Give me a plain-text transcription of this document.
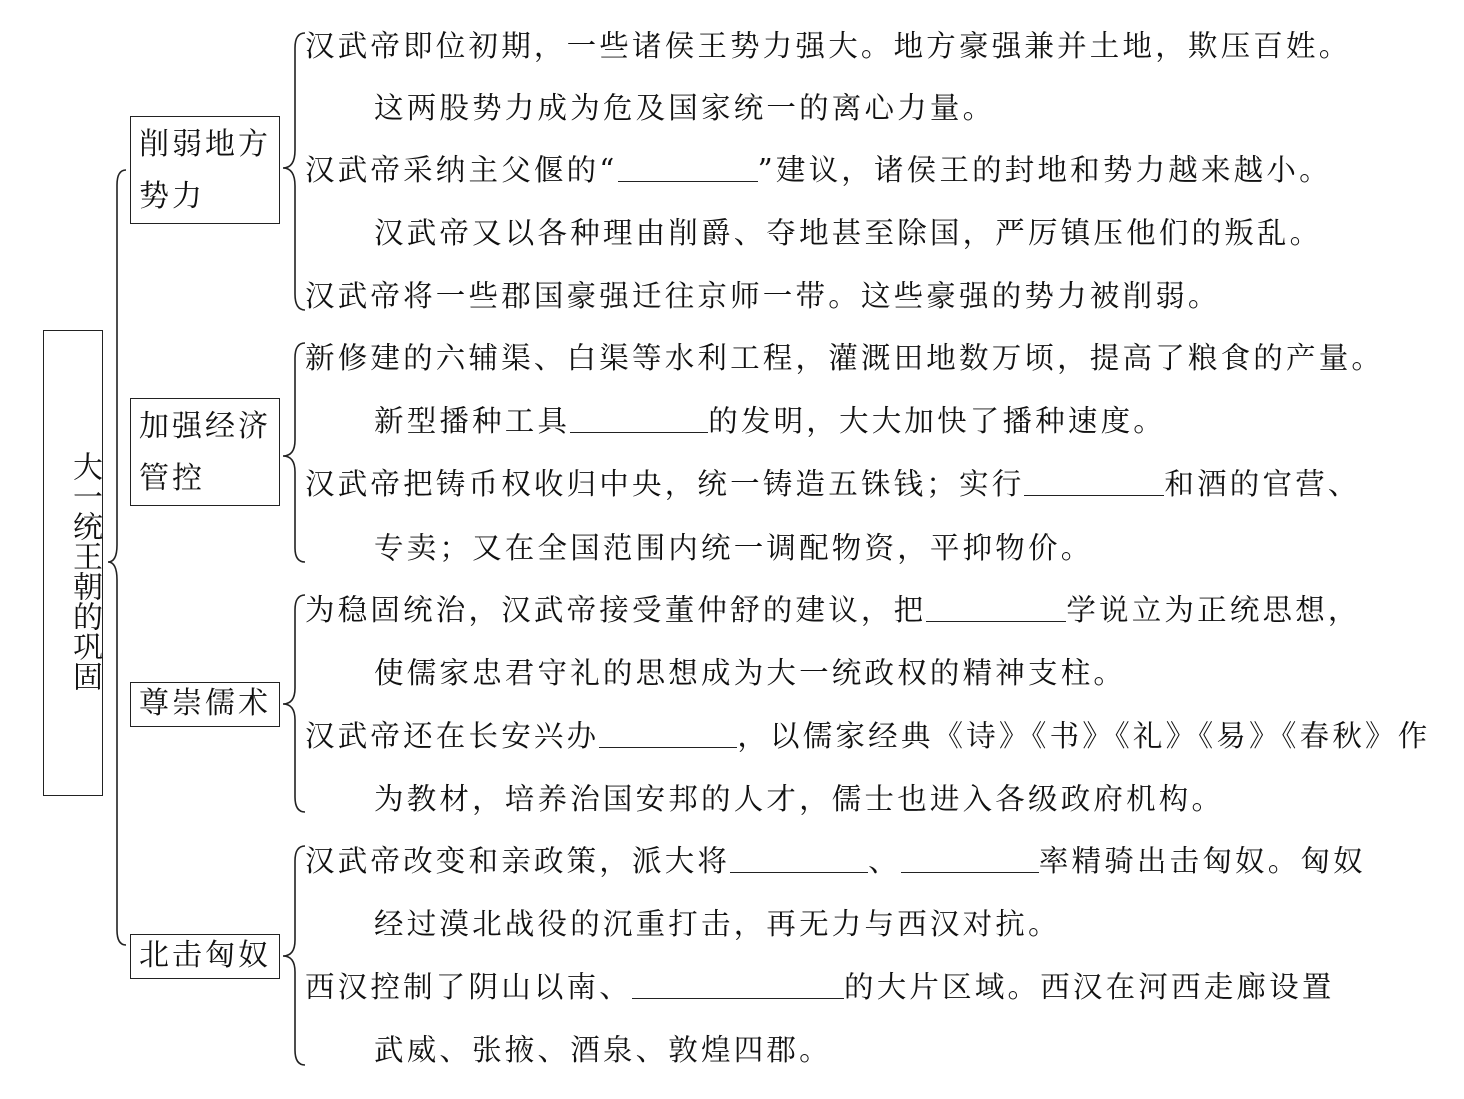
大一统王朝的巩固
削弱地方
势力
加强经济
管控
尊崇儒术
北击匈奴
汉武帝即位初期，一些诸侯王势力强大。地方豪强兼并土地，欺压百姓。
这两股势力成为危及国家统一的离心力量。
汉武帝采纳主父偃的“	”建议，诸侯王的封地和势力越来越小。
汉武帝又以各种理由削爵、夺地甚至除国，严厉镇压他们的叛乱。
汉武帝将一些郡国豪强迁往京师一带。这些豪强的势力被削弱。
新修建的六辅渠、白渠等水利工程，灌溉田地数万顷，提高了粮食的产量。
新型播种工具	的发明，大大加快了播种速度。
汉武帝把铸币权收归中央，统一铸造五铢钱；实行	和酒的官营、
专卖；又在全国范围内统一调配物资，平抑物价。
为稳固统治，汉武帝接受董仲舒的建议，把	学说立为正统思想，
使儒家忠君守礼的思想成为大一统政权的精神支柱。
汉武帝还在长安兴办	，以儒家经典《诗》《书》《礼》《易》《春秋》作
为教材，培养治国安邦的人才，儒士也进入各级政府机构。
汉武帝改变和亲政策，派大将	、	率精骑出击匈奴。匈奴
经过漠北战役的沉重打击，再无力与西汉对抗。
西汉控制了阴山以南、	的大片区域。西汉在河西走廊设置
武威、张掖、酒泉、敦煌四郡。
